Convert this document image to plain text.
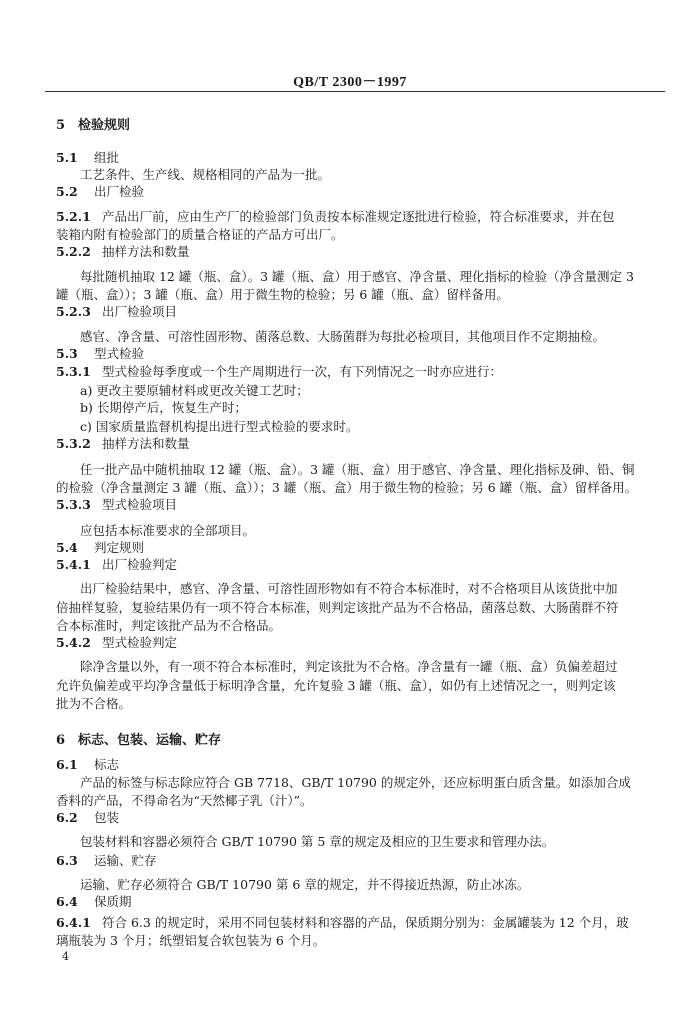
QB/T 2300－1997
5 检验规则
5.1 组批
工艺条件、生产线、规格相同的产品为一批。
5.2 出厂检验
5.2.1 产品出厂前，应由生产厂的检验部门负责按本标准规定逐批进行检验，符合标准要求，并在包
装箱内附有检验部门的质量合格证的产品方可出厂。
5.2.2 抽样方法和数量
每批随机抽取 12 罐（瓶、盒）。3 罐（瓶、盒）用于感官、净含量、理化指标的检验（净含量测定 3
罐（瓶、盒））；3 罐（瓶、盒）用于微生物的检验；另 6 罐（瓶、盒）留样备用。
5.2.3 出厂检验项目
感官、净含量、可溶性固形物、菌落总数、大肠菌群为每批必检项目，其他项目作不定期抽检。
5.3 型式检验
5.3.1 型式检验每季度或一个生产周期进行一次，有下列情况之一时亦应进行：
a) 更改主要原辅材料或更改关键工艺时；
b) 长期停产后，恢复生产时；
c) 国家质量监督机构提出进行型式检验的要求时。
5.3.2 抽样方法和数量
任一批产品中随机抽取 12 罐（瓶、盒）。3 罐（瓶、盒）用于感官、净含量、理化指标及砷、铅、铜
的检验（净含量测定 3 罐（瓶、盒））；3 罐（瓶、盒）用于微生物的检验；另 6 罐（瓶、盒）留样备用。
5.3.3 型式检验项目
应包括本标准要求的全部项目。
5.4 判定规则
5.4.1 出厂检验判定
出厂检验结果中，感官、净含量、可溶性固形物如有不符合本标准时，对不合格项目从该货批中加
倍抽样复验，复验结果仍有一项不符合本标准，则判定该批产品为不合格品，菌落总数、大肠菌群不符
合本标准时，判定该批产品为不合格品。
5.4.2 型式检验判定
除净含量以外，有一项不符合本标准时，判定该批为不合格。净含量有一罐（瓶、盒）负偏差超过
允许负偏差或平均净含量低于标明净含量，允许复验 3 罐（瓶、盒），如仍有上述情况之一，则判定该
批为不合格。
6 标志、包装、运输、贮存
6.1 标志
产品的标签与标志除应符合 GB 7718、GB/T 10790 的规定外，还应标明蛋白质含量。如添加合成
香料的产品，不得命名为“天然椰子乳（汁）”。
6.2 包装
包装材料和容器必须符合 GB/T 10790 第 5 章的规定及相应的卫生要求和管理办法。
6.3 运输、贮存
运输、贮存必须符合 GB/T 10790 第 6 章的规定，并不得接近热源，防止冰冻。
6.4 保质期
6.4.1 符合 6.3 的规定时，采用不同包装材料和容器的产品，保质期分别为：金属罐装为 12 个月，玻
璃瓶装为 3 个月；纸塑铝复合软包装为 6 个月。
4
